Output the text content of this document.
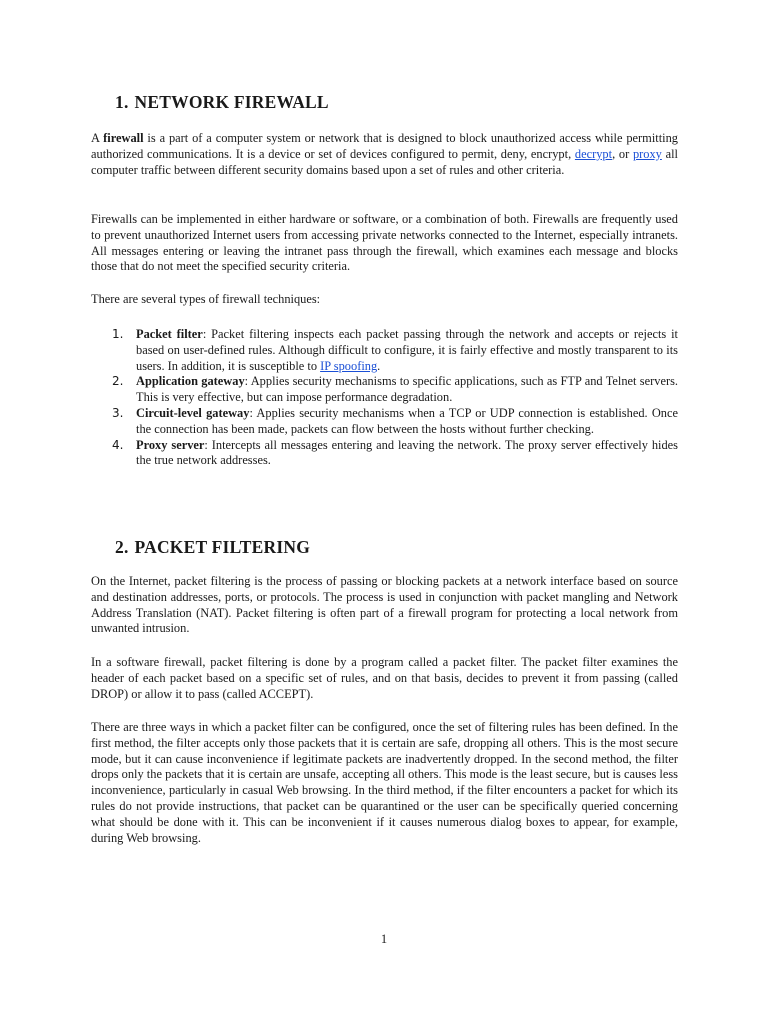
1. NETWORK FIREWALL

A firewall is a part of a computer system or network that is designed to block unauthorized access while permitting authorized communications. It is a device or set of devices configured to permit, deny, encrypt, decrypt, or proxy all computer traffic between different security domains based upon a set of rules and other criteria.

Firewalls can be implemented in either hardware or software, or a combination of both. Firewalls are frequently used to prevent unauthorized Internet users from accessing private networks connected to the Internet, especially intranets. All messages entering or leaving the intranet pass through the firewall, which examines each message and blocks those that do not meet the specified security criteria.

There are several types of firewall techniques:

1. Packet filter: Packet filtering inspects each packet passing through the network and accepts or rejects it based on user-defined rules. Although difficult to configure, it is fairly effective and mostly transparent to its users. In addition, it is susceptible to IP spoofing.
2. Application gateway: Applies security mechanisms to specific applications, such as FTP and Telnet servers. This is very effective, but can impose performance degradation.
3. Circuit-level gateway: Applies security mechanisms when a TCP or UDP connection is established. Once the connection has been made, packets can flow between the hosts without further checking.
4. Proxy server: Intercepts all messages entering and leaving the network. The proxy server effectively hides the true network addresses.
2. PACKET FILTERING

On the Internet, packet filtering is the process of passing or blocking packets at a network interface based on source and destination addresses, ports, or protocols. The process is used in conjunction with packet mangling and Network Address Translation (NAT). Packet filtering is often part of a firewall program for protecting a local network from unwanted intrusion.

In a software firewall, packet filtering is done by a program called a packet filter. The packet filter examines the header of each packet based on a specific set of rules, and on that basis, decides to prevent it from passing (called DROP) or allow it to pass (called ACCEPT).

There are three ways in which a packet filter can be configured, once the set of filtering rules has been defined. In the first method, the filter accepts only those packets that it is certain are safe, dropping all others. This is the most secure mode, but it can cause inconvenience if legitimate packets are inadvertently dropped. In the second method, the filter drops only the packets that it is certain are unsafe, accepting all others. This mode is the least secure, but is causes less inconvenience, particularly in casual Web browsing. In the third method, if the filter encounters a packet for which its rules do not provide instructions, that packet can be quarantined or the user can be specifically queried concerning what should be done with it. This can be inconvenient if it causes numerous dialog boxes to appear, for example, during Web browsing.

1
